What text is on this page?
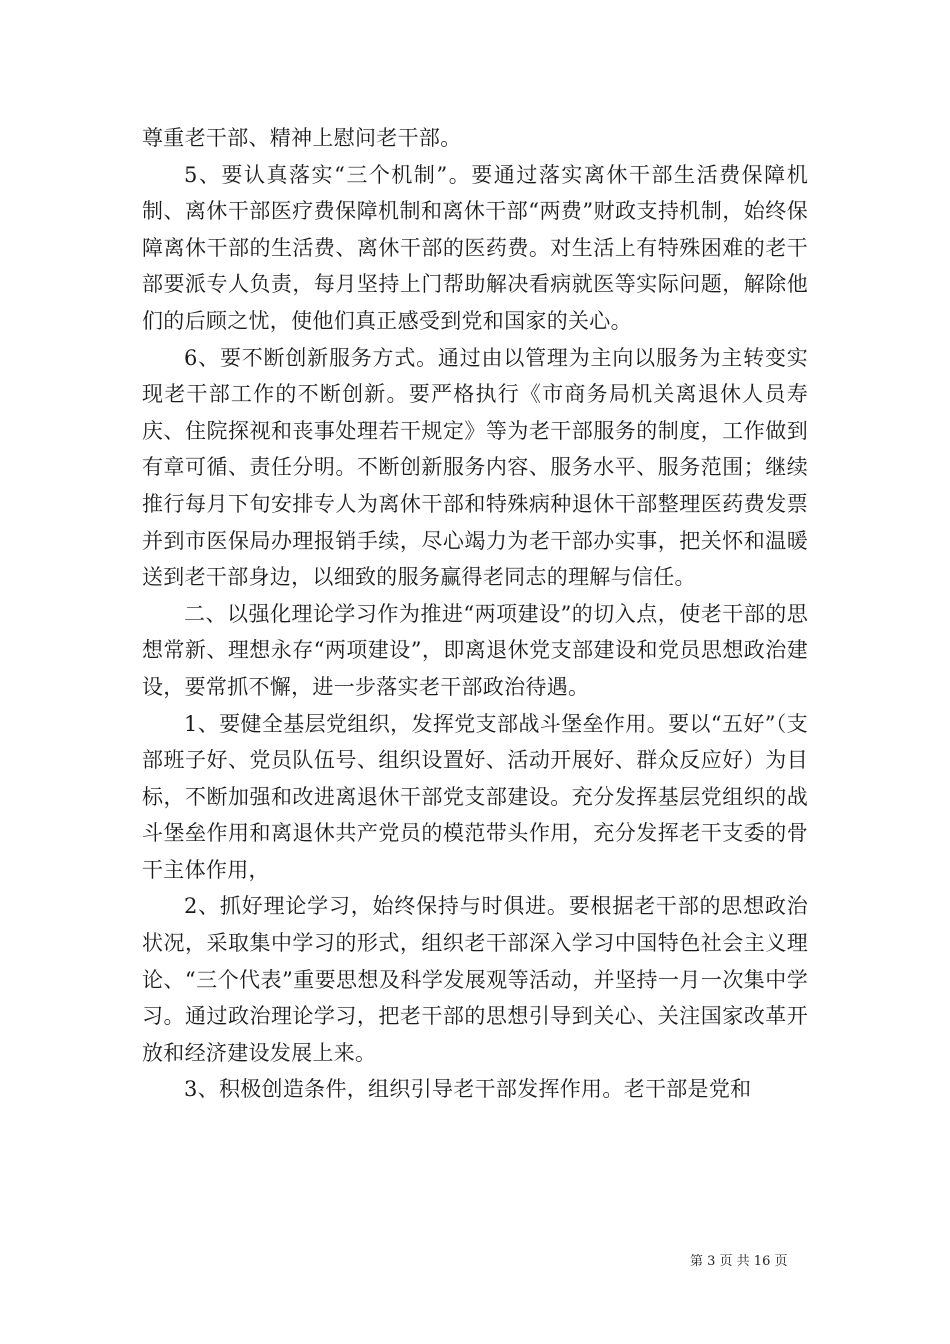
尊重老干部、精神上慰问老干部。

5、要认真落实“三个机制”。要通过落实离休干部生活费保障机制、离休干部医疗费保障机制和离休干部“两费”财政支持机制，始终保障离休干部的生活费、离休干部的医药费。对生活上有特殊困难的老干部要派专人负责，每月坚持上门帮助解决看病就医等实际问题，解除他们的后顾之忧，使他们真正感受到党和国家的关心。

6、要不断创新服务方式。通过由以管理为主向以服务为主转变实现老干部工作的不断创新。要严格执行《市商务局机关离退休人员寿庆、住院探视和丧事处理若干规定》等为老干部服务的制度，工作做到有章可循、责任分明。不断创新服务内容、服务水平、服务范围；继续推行每月下旬安排专人为离休干部和特殊病种退休干部整理医药费发票并到市医保局办理报销手续，尽心竭力为老干部办实事，把关怀和温暖送到老干部身边，以细致的服务赢得老同志的理解与信任。

二、以强化理论学习作为推进“两项建设”的切入点，使老干部的思想常新、理想永存“两项建设”，即离退休党支部建设和党员思想政治建设，要常抓不懈，进一步落实老干部政治待遇。

1、要健全基层党组织，发挥党支部战斗堡垒作用。要以“五好”（支部班子好、党员队伍号、组织设置好、活动开展好、群众反应好）为目标，不断加强和改进离退休干部党支部建设。充分发挥基层党组织的战斗堡垒作用和离退休共产党员的模范带头作用，充分发挥老干支委的骨干主体作用，

2、抓好理论学习，始终保持与时俱进。要根据老干部的思想政治状况，采取集中学习的形式，组织老干部深入学习中国特色社会主义理论、“三个代表”重要思想及科学发展观等活动，并坚持一月一次集中学习。通过政治理论学习，把老干部的思想引导到关心、关注国家改革开放和经济建设发展上来。

3、积极创造条件，组织引导老干部发挥作用。老干部是党和

第 3 页 共 16 页
